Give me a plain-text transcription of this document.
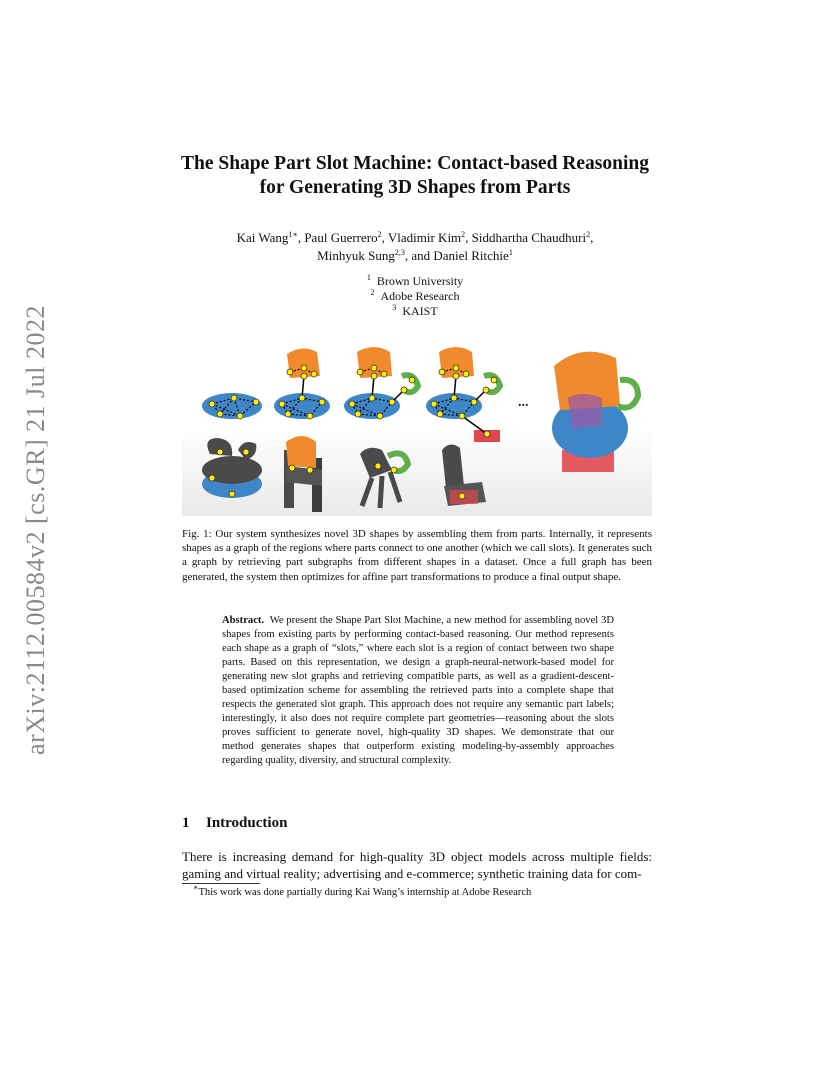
arXiv:2112.00584v2 [cs.GR] 21 Jul 2022
The Shape Part Slot Machine: Contact-based Reasoning
for Generating 3D Shapes from Parts
Kai Wang$^{1∗}$, Paul Guerrero$^2$, Vladimir Kim$^2$, Siddhartha Chaudhuri$^2$,
Minhyuk Sung$^{2,3}$, and Daniel Ritchie$^1$
$^1$ Brown University
$^2$ Adobe Research
$^3$ KAIST
...
Fig. 1: Our system synthesizes novel 3D shapes by assembling them from parts. Internally, it represents shapes as a graph of the regions where parts connect to one another (which we call slots). It generates such a graph by retrieving part subgraphs from different shapes in a dataset. Once a full graph has been generated, the system then optimizes for affine part transformations to produce a final output shape.
Abstract. We present the Shape Part Slot Machine, a new method for assembling novel 3D shapes from existing parts by performing contact-based reasoning. Our method represents each shape as a graph of “slots,” where each slot is a region of contact between two shape parts. Based on this representation, we design a graph-neural-network-based model for generating new slot graphs and retrieving compatible parts, as well as a gradient-descent-based optimization scheme for assembling the retrieved parts into a complete shape that respects the generated slot graph. This approach does not require any semantic part labels; interestingly, it also does not require complete part geometries—reasoning about the slots proves sufficient to generate novel, high-quality 3D shapes. We demonstrate that our method generates shapes that outperform existing modeling-by-assembly approaches regarding quality, diversity, and structural complexity.
1 Introduction
There is increasing demand for high-quality 3D object models across multiple fields: gaming and virtual reality; advertising and e-commerce; synthetic training data for com-
∗This work was done partially during Kai Wang’s internship at Adobe Research
